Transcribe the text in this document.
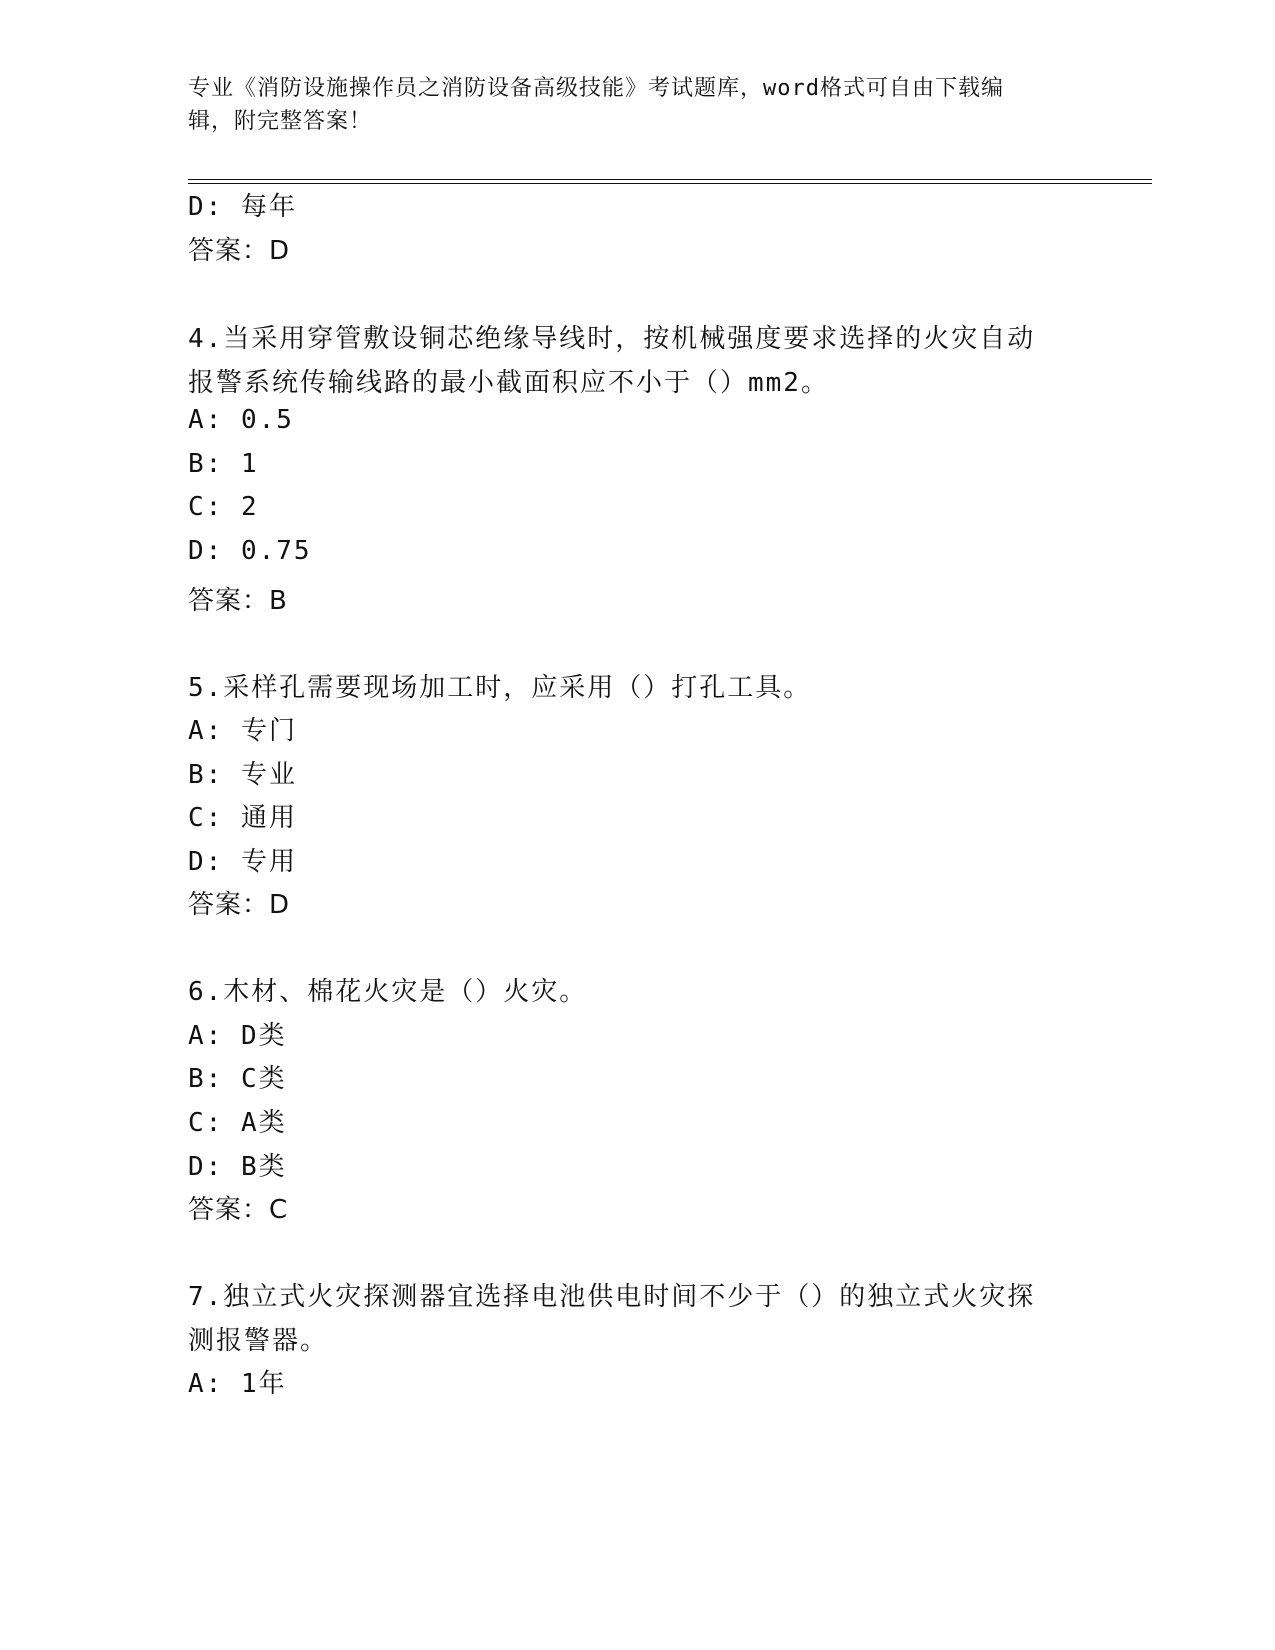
专业《消防设施操作员之消防设备高级技能》考试题库，word格式可自由下载编
辑，附完整答案！
D: 每年
答案：D
4.当采用穿管敷设铜芯绝缘导线时，按机械强度要求选择的火灾自动
报警系统传输线路的最小截面积应不小于（）mm2。
A: 0.5
B: 1
C: 2
D: 0.75
答案：B
5.采样孔需要现场加工时，应采用（）打孔工具。
A: 专门
B: 专业
C: 通用
D: 专用
答案：D
6.木材、棉花火灾是（）火灾。
A: D类
B: C类
C: A类
D: B类
答案：C
7.独立式火灾探测器宜选择电池供电时间不少于（）的独立式火灾探
测报警器。
A: 1年
